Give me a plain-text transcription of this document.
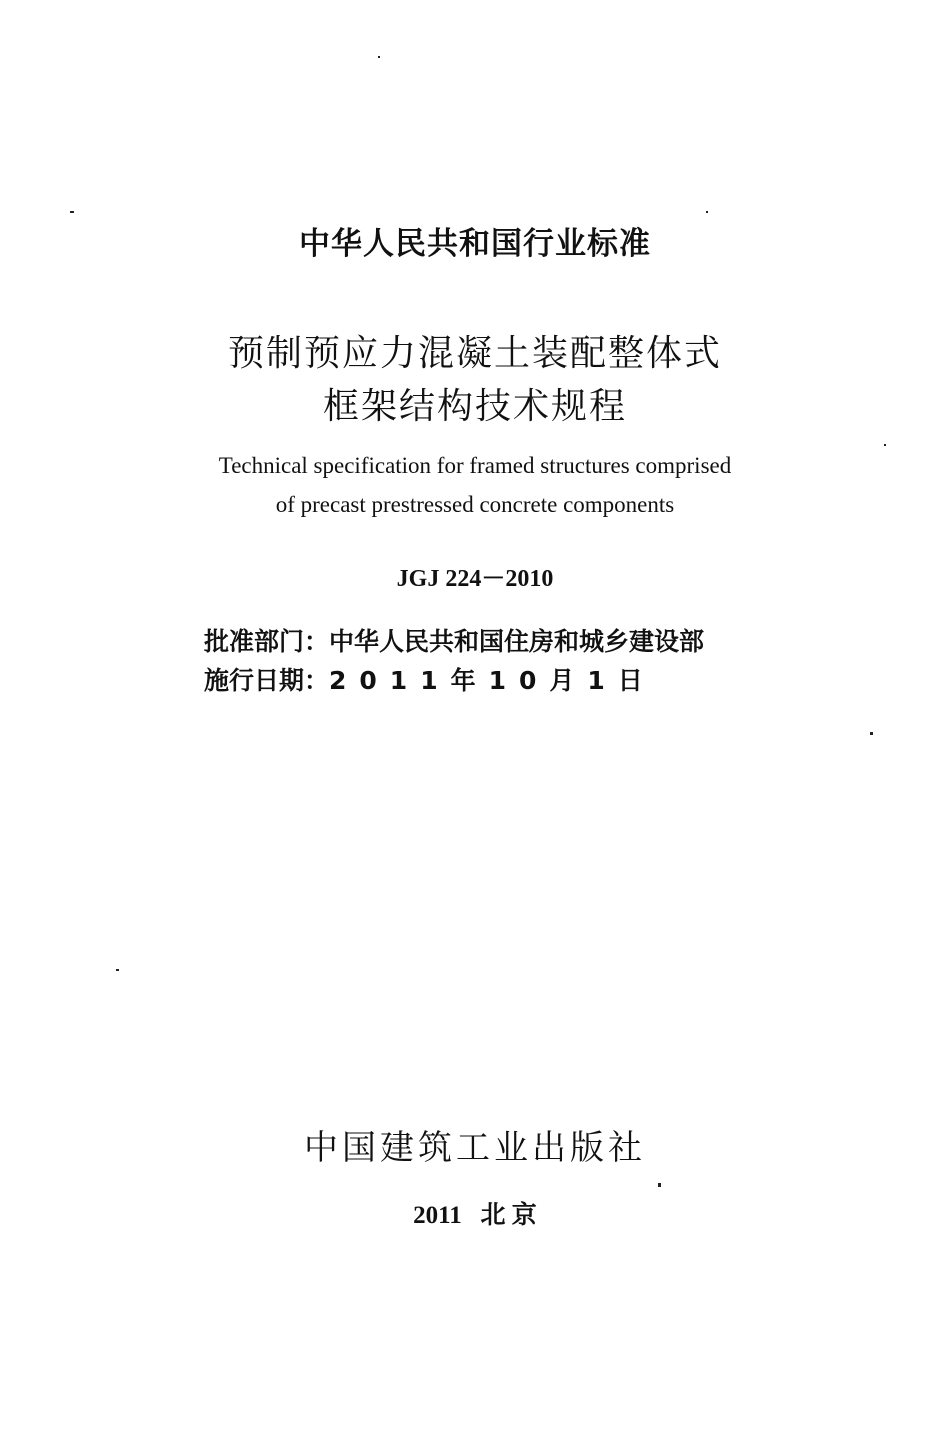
中华人民共和国行业标准
预制预应力混凝土装配整体式
框架结构技术规程
Technical specification for framed structures comprised
of precast prestressed concrete components
JGJ 224－2010
批准部门：中华人民共和国住房和城乡建设部
施行日期：2011年10月1日
中国建筑工业出版社
2011 北 京
